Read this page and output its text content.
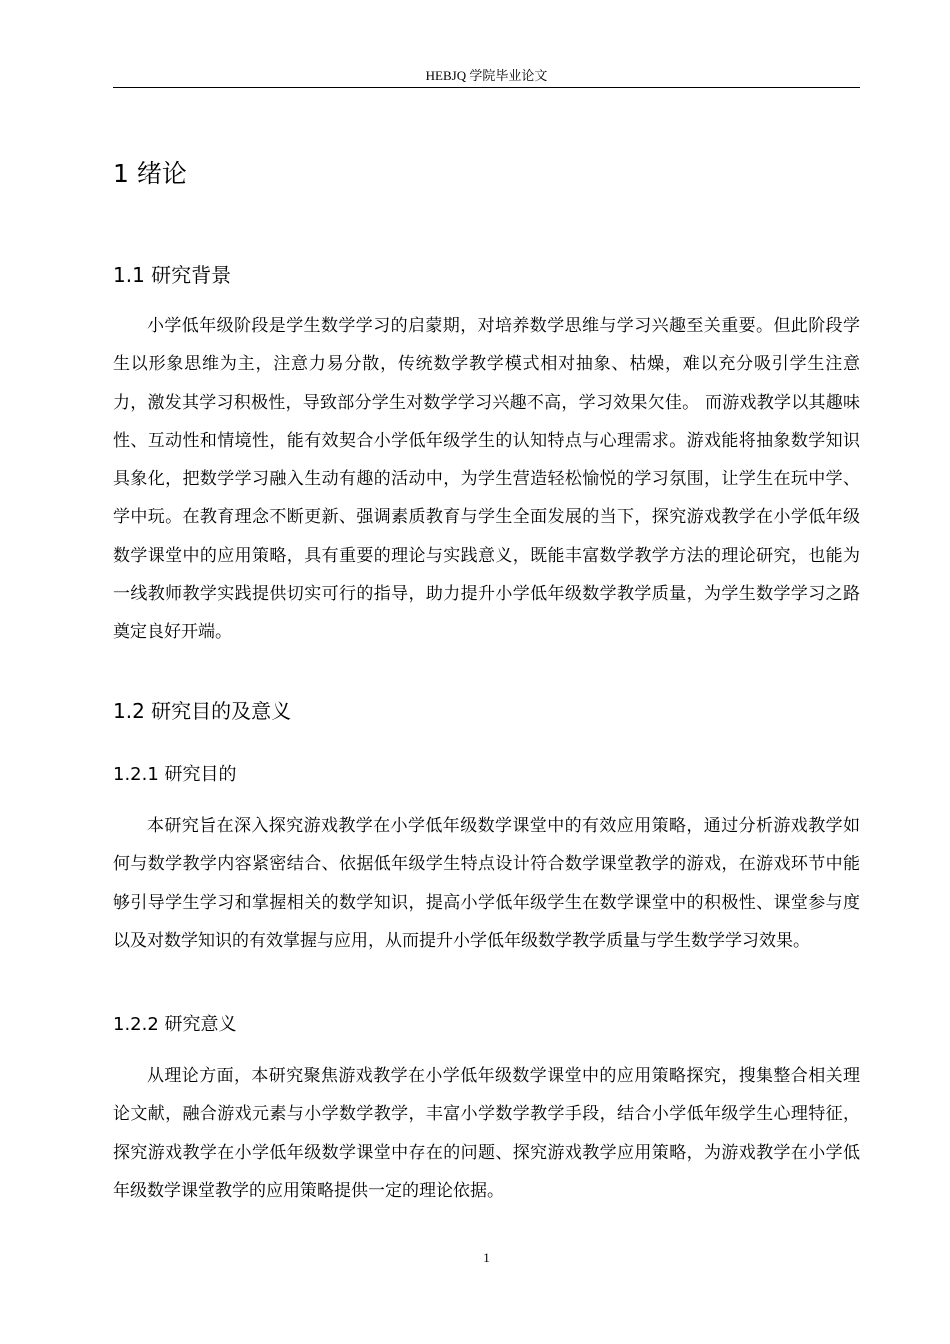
HEBJQ 学院毕业论文
1 绪论
1.1 研究背景
小学低年级阶段是学生数学学习的启蒙期，对培养数学思维与学习兴趣至关重要。但此阶段学生以形象思维为主，注意力易分散，传统数学教学模式相对抽象、枯燥，难以充分吸引学生注意力，激发其学习积极性，导致部分学生对数学学习兴趣不高，学习效果欠佳。 而游戏教学以其趣味性、互动性和情境性，能有效契合小学低年级学生的认知特点与心理需求。游戏能将抽象数学知识具象化，把数学学习融入生动有趣的活动中，为学生营造轻松愉悦的学习氛围，让学生在玩中学、学中玩。在教育理念不断更新、强调素质教育与学生全面发展的当下，探究游戏教学在小学低年级数学课堂中的应用策略，具有重要的理论与实践意义，既能丰富数学教学方法的理论研究，也能为一线教师教学实践提供切实可行的指导，助力提升小学低年级数学教学质量，为学生数学学习之路奠定良好开端。
1.2 研究目的及意义
1.2.1 研究目的
本研究旨在深入探究游戏教学在小学低年级数学课堂中的有效应用策略，通过分析游戏教学如何与数学教学内容紧密结合、依据低年级学生特点设计符合数学课堂教学的游戏，在游戏环节中能够引导学生学习和掌握相关的数学知识，提高小学低年级学生在数学课堂中的积极性、课堂参与度以及对数学知识的有效掌握与应用，从而提升小学低年级数学教学质量与学生数学学习效果。
1.2.2 研究意义
从理论方面，本研究聚焦游戏教学在小学低年级数学课堂中的应用策略探究，搜集整合相关理论文献，融合游戏元素与小学数学教学，丰富小学数学教学手段，结合小学低年级学生心理特征，探究游戏教学在小学低年级数学课堂中存在的问题、探究游戏教学应用策略，为游戏教学在小学低年级数学课堂教学的应用策略提供一定的理论依据。
1
